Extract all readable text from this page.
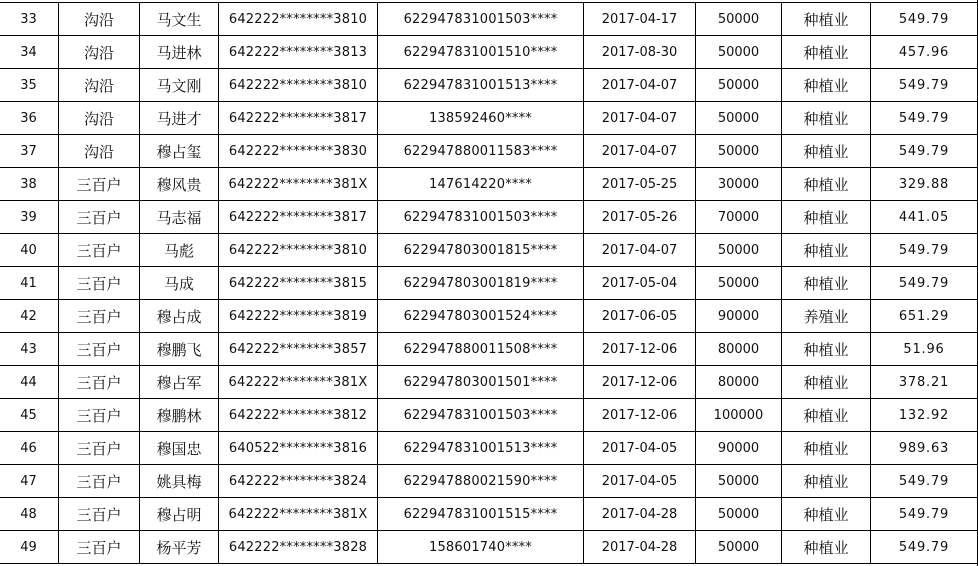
33	沟沿	马文生	642222********3810	622947831001503****	2017-04-17	50000	种植业	549.79
34	沟沿	马进林	642222********3813	622947831001510****	2017-08-30	50000	种植业	457.96
35	沟沿	马文刚	642222********3810	622947831001513****	2017-04-07	50000	种植业	549.79
36	沟沿	马进才	642222********3817	138592460****	2017-04-07	50000	种植业	549.79
37	沟沿	穆占玺	642222********3830	622947880011583****	2017-04-07	50000	种植业	549.79
38	三百户	穆风贵	642222********381X	147614220****	2017-05-25	30000	种植业	329.88
39	三百户	马志福	642222********3817	622947831001503****	2017-05-26	70000	种植业	441.05
40	三百户	马彪	642222********3810	622947803001815****	2017-04-07	50000	种植业	549.79
41	三百户	马成	642222********3815	622947803001819****	2017-05-04	50000	种植业	549.79
42	三百户	穆占成	642222********3819	622947803001524****	2017-06-05	90000	养殖业	651.29
43	三百户	穆鹏飞	642222********3857	622947880011508****	2017-12-06	80000	种植业	51.96
44	三百户	穆占军	642222********381X	622947803001501****	2017-12-06	80000	种植业	378.21
45	三百户	穆鹏林	642222********3812	622947831001503****	2017-12-06	100000	种植业	132.92
46	三百户	穆国忠	640522********3816	622947831001513****	2017-04-05	90000	种植业	989.63
47	三百户	姚具梅	642222********3824	622947880021590****	2017-04-05	50000	种植业	549.79
48	三百户	穆占明	642222********381X	622947831001515****	2017-04-28	50000	种植业	549.79
49	三百户	杨平芳	642222********3828	158601740****	2017-04-28	50000	种植业	549.79
